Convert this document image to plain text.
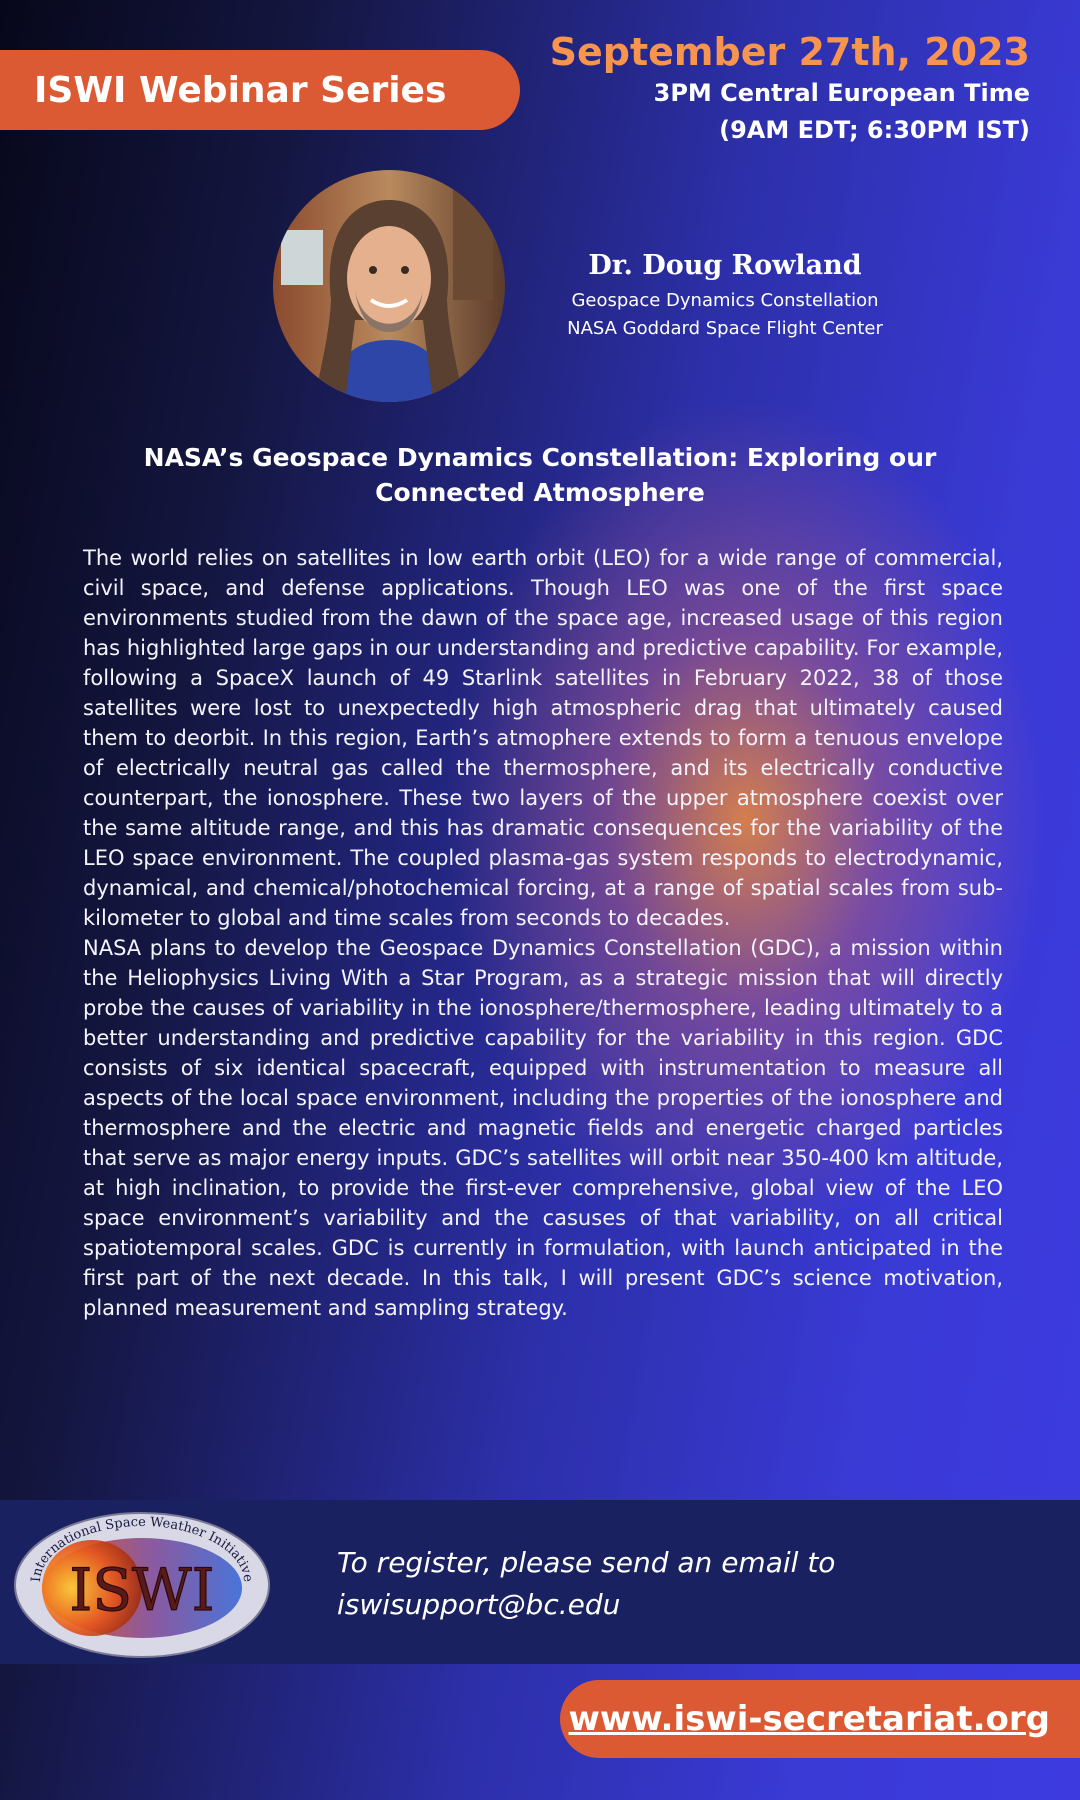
ISWI Webinar Series
September 27th, 2023
3PM Central European Time
(9AM EDT; 6:30PM IST)
Dr. Doug Rowland
Geospace Dynamics Constellation
NASA Goddard Space Flight Center
NASA’s Geospace Dynamics Constellation: Exploring our Connected Atmosphere

The world relies on satellites in low earth orbit (LEO) for a wide range of commercial, civil space, and defense applications. Though LEO was one of the first space environments studied from the dawn of the space age, increased usage of this region has highlighted large gaps in our understanding and predictive capability. For example, following a SpaceX launch of 49 Starlink satellites in February 2022, 38 of those satellites were lost to unexpectedly high atmospheric drag that ultimately caused them to deorbit. In this region, Earth’s atmophere extends to form a tenuous envelope of electrically neutral gas called the thermosphere, and its electrically conductive counterpart, the ionosphere. These two layers of the upper atmosphere coexist over the same altitude range, and this has dramatic consequences for the variability of the LEO space environment. The coupled plasma-gas system responds to electrodynamic, dynamical, and chemical/photochemical forcing, at a range of spatial scales from sub-kilometer to global and time scales from seconds to decades.

NASA plans to develop the Geospace Dynamics Constellation (GDC), a mission within the Heliophysics Living With a Star Program, as a strategic mission that will directly probe the causes of variability in the ionosphere/thermosphere, leading ultimately to a better understanding and predictive capability for the variability in this region. GDC consists of six identical spacecraft, equipped with instrumentation to measure all aspects of the local space environment, including the properties of the ionosphere and thermosphere and the electric and magnetic fields and energetic charged particles that serve as major energy inputs. GDC’s satellites will orbit near 350-400 km altitude, at high inclination, to provide the first-ever comprehensive, global view of the LEO space environment’s variability and the casuses of that variability, on all critical spatiotemporal scales. GDC is currently in formulation, with launch anticipated in the first part of the next decade. In this talk, I will present GDC’s science motivation, planned measurement and sampling strategy.

International Space Weather Initiative
ISWI	To register, please send an email to
iswisupport@bc.edu
www.iswi-secretariat.org
